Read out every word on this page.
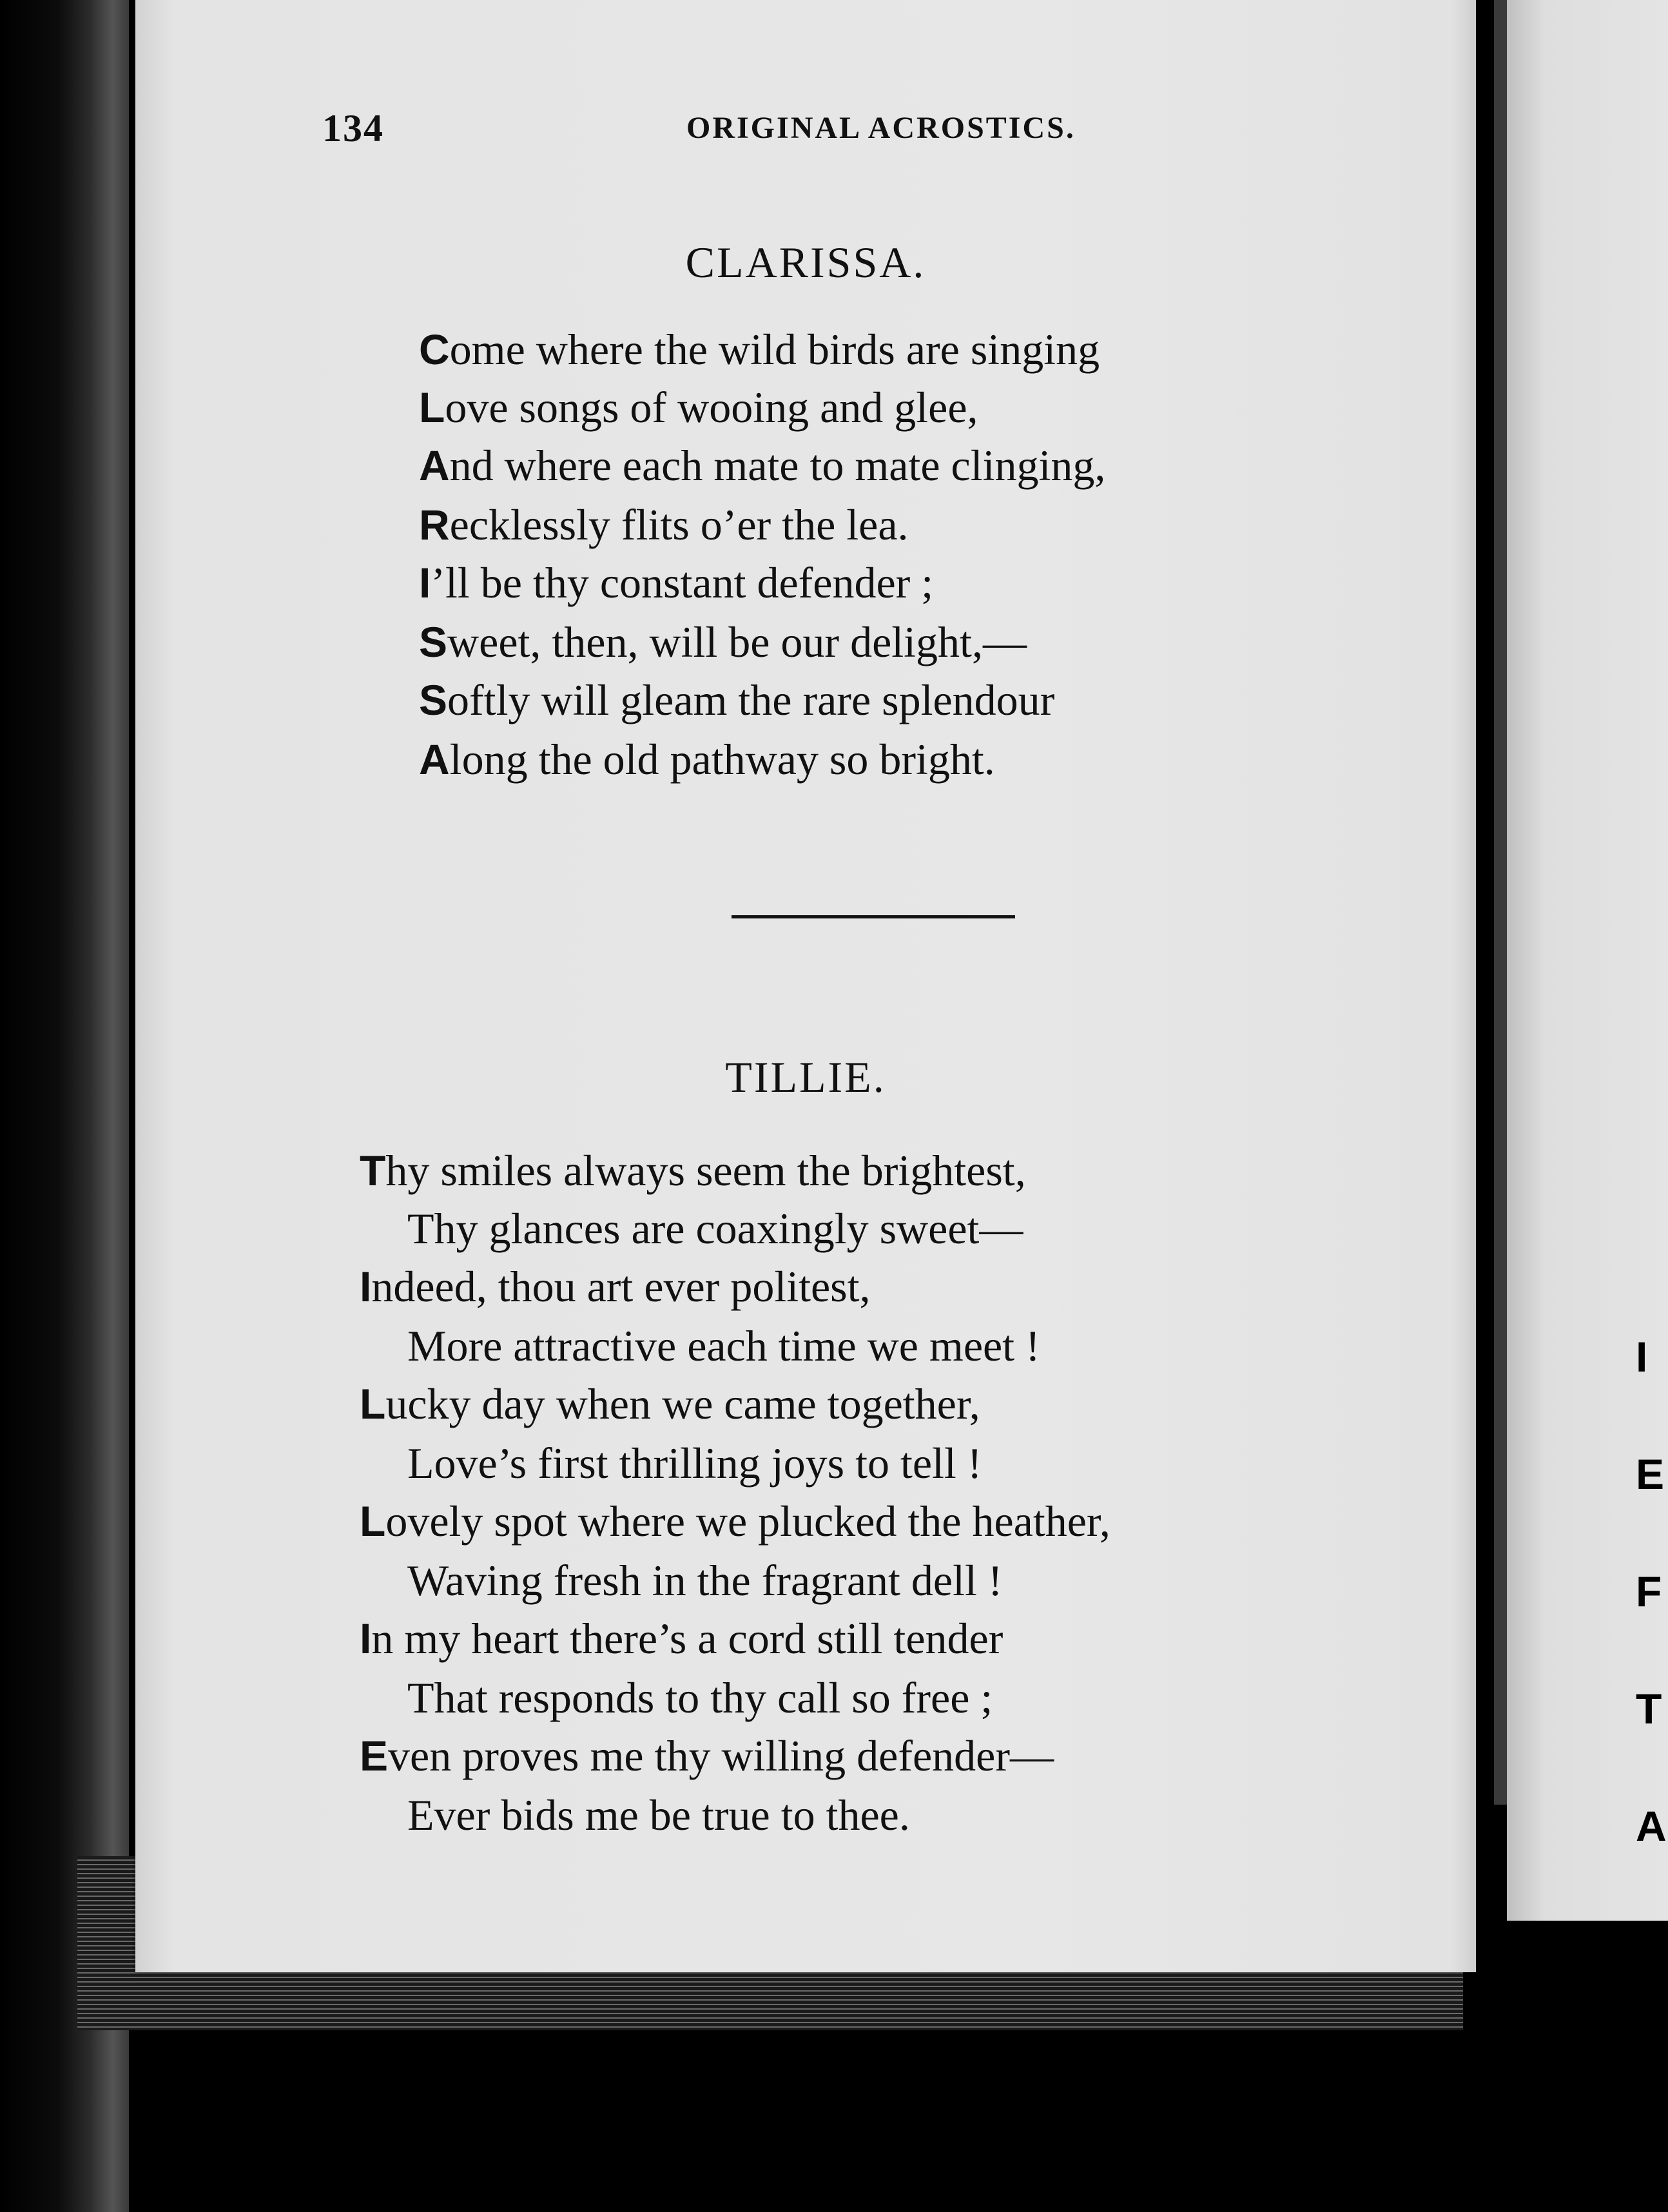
134	ORIGINAL ACROSTICS.
CLARISSA.
Come where the wild birds are singing
Love songs of wooing and glee,
And where each mate to mate clinging,
Recklessly flits o’er the lea.
I’ll be thy constant defender ;
Sweet, then, will be our delight,—
Softly will gleam the rare splendour
Along the old pathway so bright.
TILLIE.
Thy smiles always seem the brightest,
Thy glances are coaxingly sweet—
Indeed, thou art ever politest,
More attractive each time we meet !
Lucky day when we came together,
Love’s first thrilling joys to tell !
Lovely spot where we plucked the heather,
Waving fresh in the fragrant dell !
In my heart there’s a cord still tender
That responds to thy call so free ;
Even proves me thy willing defender—
Ever bids me be true to thee.
I
E
F
T
A
